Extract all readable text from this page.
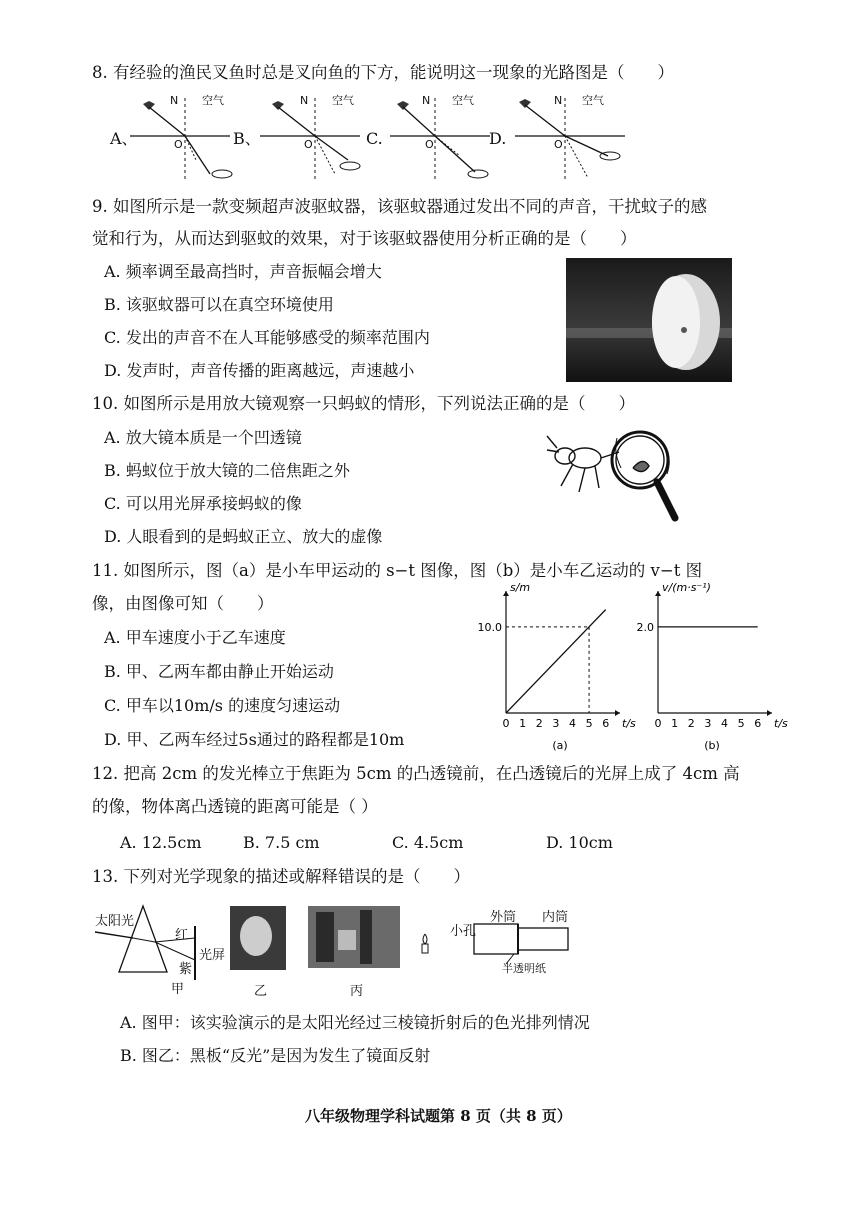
8. 有经验的渔民叉鱼时总是叉向鱼的下方，能说明这一现象的光路图是（　　）
N 空气
O
N 空气
O
N 空气
O
N 空气
O
A、	B、	C.	D.
9. 如图所示是一款变频超声波驱蚊器，该驱蚊器通过发出不同的声音，干扰蚊子的感
觉和行为，从而达到驱蚊的效果，对于该驱蚊器使用分析正确的是（　　）
A. 频率调至最高挡时，声音振幅会增大
B. 该驱蚊器可以在真空环境使用
C. 发出的声音不在人耳能够感受的频率范围内
D. 发声时，声音传播的距离越远，声速越小
10. 如图所示是用放大镜观察一只蚂蚁的情形，下列说法正确的是（　　）
A. 放大镜本质是一个凹透镜
B. 蚂蚁位于放大镜的二倍焦距之外
C. 可以用光屏承接蚂蚁的像
D. 人眼看到的是蚂蚁正立、放大的虚像
11. 如图所示，图（a）是小车甲运动的 s−t 图像，图（b）是小车乙运动的 v−t 图
像，由图像可知（　　）
A. 甲车速度小于乙车速度
B. 甲、乙两车都由静止开始运动
C. 甲车以10m/s 的速度匀速运动
D. 甲、乙两车经过5s通过的路程都是10m
0 1 2 3 4 5 6 t/s
s/m
10.0
(a)
0 1 2 3 4 5 6 t/s
v/(m·s⁻¹)
2.0
(b)
12. 把高 2cm 的发光棒立于焦距为 5cm 的凸透镜前，在凸透镜后的光屏上成了 4cm 高
的像，物体离凸透镜的距离可能是（ ）
A. 12.5cm	B. 7.5 cm	C. 4.5cm	D. 10cm
13. 下列对光学现象的描述或解释错误的是（　　）
太阳光
红
紫
光屏
甲	乙	丙
小孔
外筒 内筒
半透明纸
A. 图甲：该实验演示的是太阳光经过三棱镜折射后的色光排列情况
B. 图乙：黑板“反光”是因为发生了镜面反射
八年级物理学科试题第 8 页（共 8 页）
